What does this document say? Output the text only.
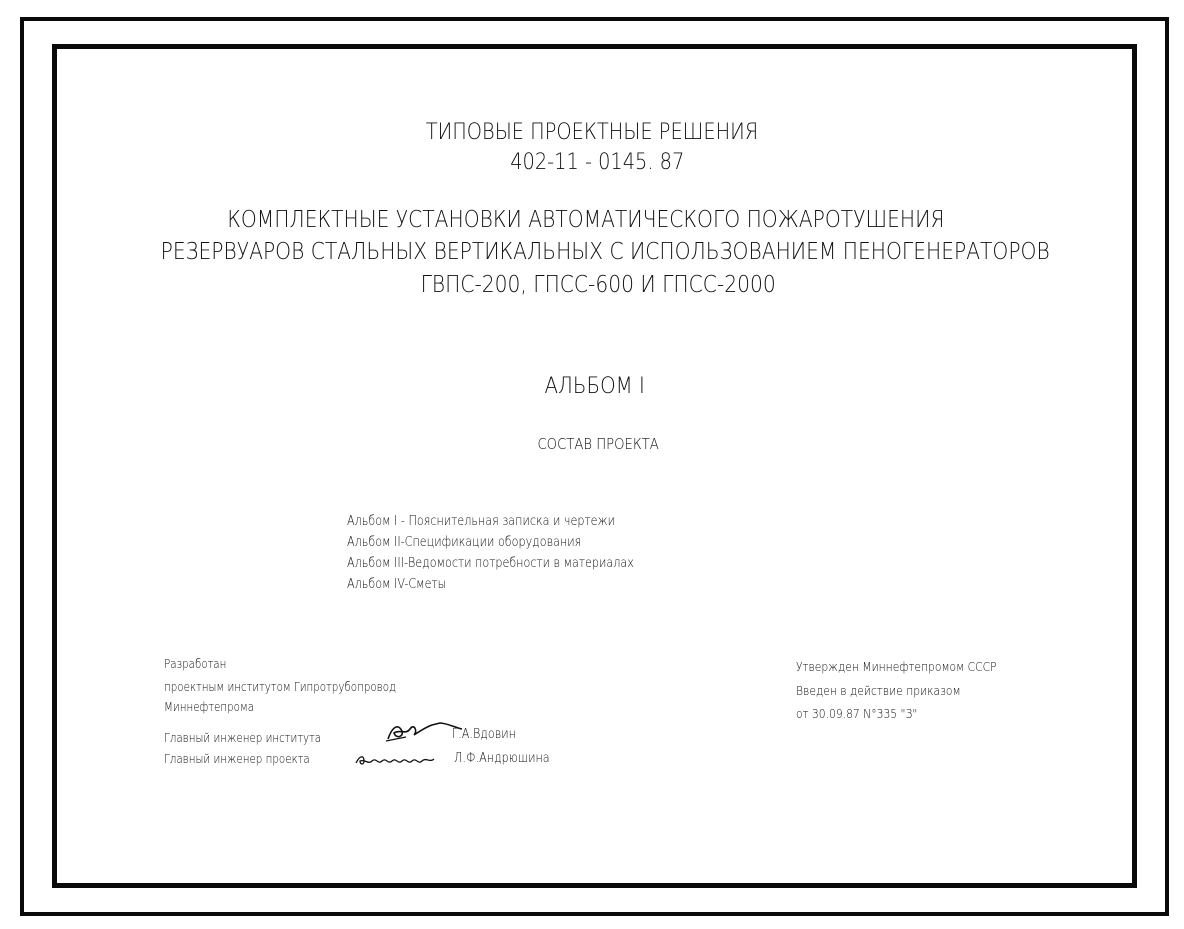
ТИПОВЫЕ ПРОЕКТНЫЕ РЕШЕНИЯ
402-11 - 0145. 87
КОМПЛЕКТНЫЕ УСТАНОВКИ АВТОМАТИЧЕСКОГО ПОЖАРОТУШЕНИЯ
РЕЗЕРВУАРОВ СТАЛЬНЫХ ВЕРТИКАЛЬНЫХ С ИСПОЛЬЗОВАНИЕМ ПЕНОГЕНЕРАТОРОВ
ГВПС-200, ГПСС-600 И ГПСС-2000
АЛЬБОМ I
СОСТАВ ПРОЕКТА
Альбом I - Пояснительная записка и чертежи
Альбом II-Спецификации оборудования
Альбом III-Ведомости потребности в материалах
Альбом IV-Сметы
Разработан
проектным институтом Гипротрубопровод
Миннефтепрома
Главный инженер института	Г.А.Вдовин
Главный инженер проекта	Л.Ф.Андрюшина
Утвержден Миннефтепромом СССР
Введен в действие приказом
от 30.09.87 N°335 "З"
